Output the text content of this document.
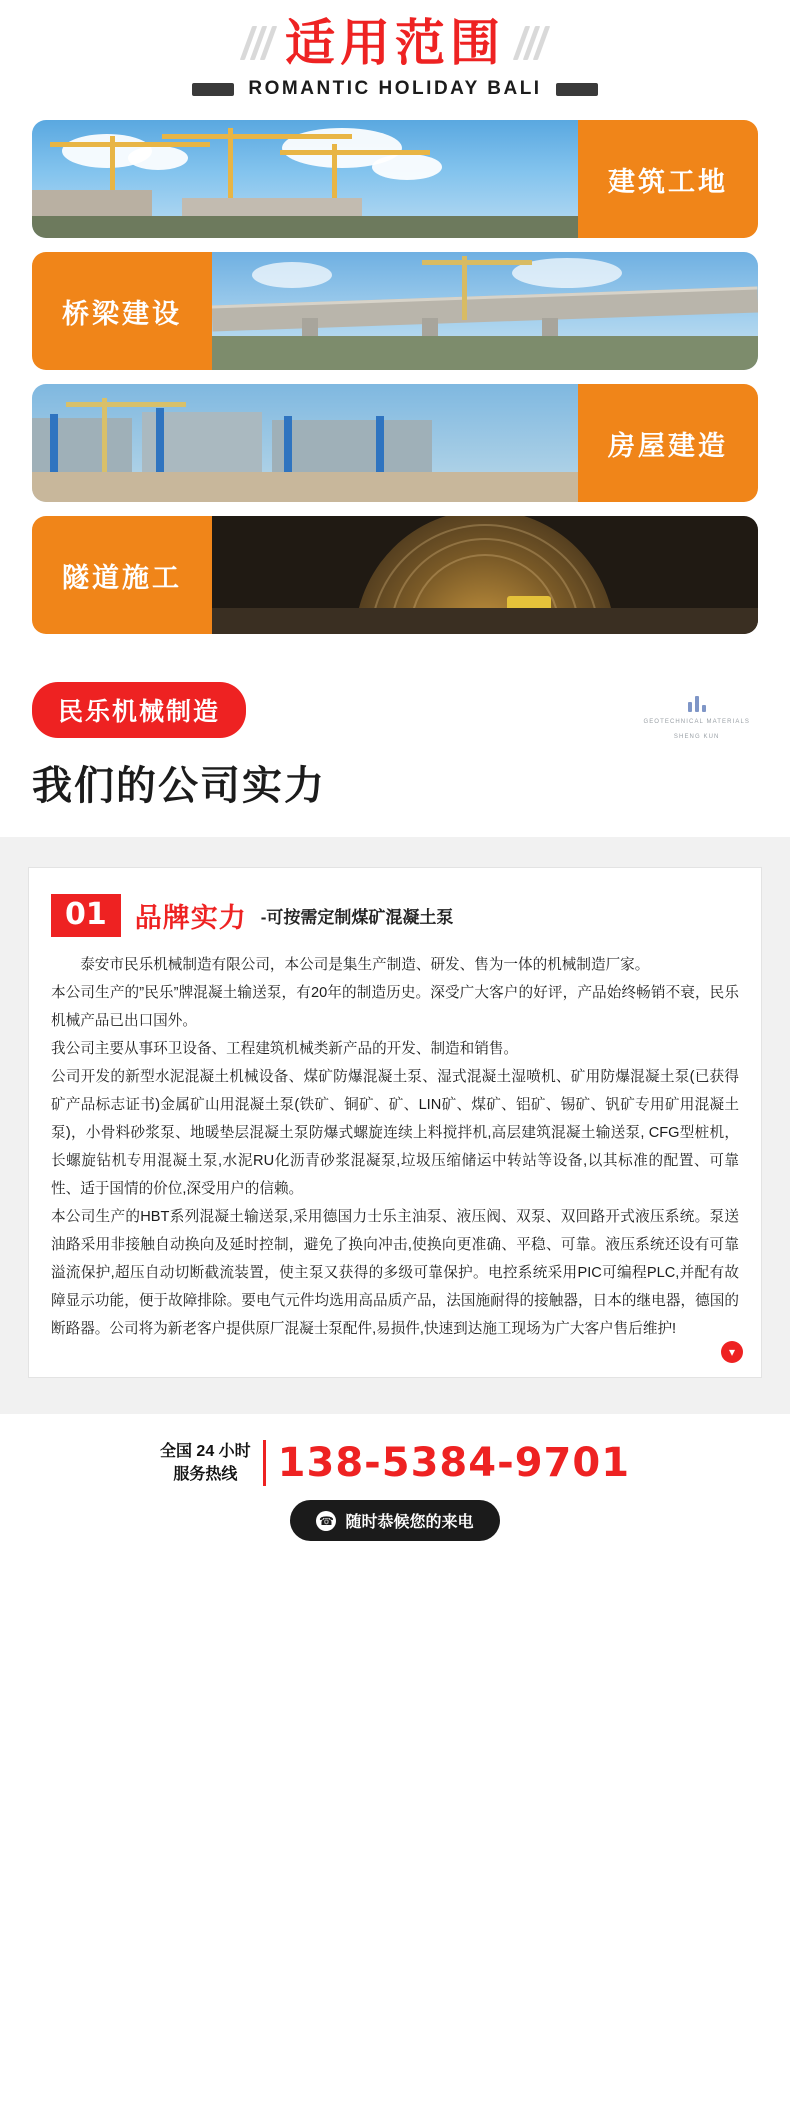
适用范围
ROMANTIC HOLIDAY BALI
建筑工地
桥梁建设
房屋建造
隧道施工
民乐机械制造
我们的公司实力
GEOTECHNICAL MATERIALS
SHENG KUN
01	品牌实力 -可按需定制煤矿混凝土泵

泰安市民乐机械制造有限公司，本公司是集生产制造、研发、售为一体的机械制造厂家。

本公司生产的”民乐”牌混凝土输送泵，有20年的制造历史。深受广大客户的好评，产品始终畅销不衰，民乐机械产品已出口国外。

我公司主要从事环卫设备、工程建筑机械类新产品的开发、制造和销售。

公司开发的新型水泥混凝土机械设备、煤矿防爆混凝土泵、湿式混凝土湿喷机、矿用防爆混凝土泵(已获得矿产品标志证书)金属矿山用混凝土泵(铁矿、铜矿、矿、LIN矿、煤矿、铝矿、锡矿、钒矿专用矿用混凝土泵)，小骨料砂浆泵、地暖垫层混凝土泵防爆式螺旋连续上料搅拌机,高层建筑混凝土输送泵, CFG型桩机，长螺旋钻机专用混凝土泵,水泥RU化沥青砂浆混凝泵,垃圾压缩储运中转站等设备,以其标准的配置、可靠性、适于国情的价位,深受用户的信赖。

本公司生产的HBT系列混凝土输送泵,采用德国力士乐主油泵、液压阀、双泵、双回路开式液压系统。泵送油路采用非接触自动换向及延时控制，避免了换向冲击,使换向更准确、平稳、可靠。液压系统还设有可靠溢流保护,超压自动切断截流装置，使主泵又获得的多级可靠保护。电控系统采用PIC可编程PLC,并配有故障显示功能，便于故障排除。要电气元件均选用高品质产品，法国施耐得的接触器，日本的继电器，德国的断路器。公司将为新老客户提供原厂混凝士泵配件,易损件,快速到达施工现场为广大客户售后维护!

▾
全国 24 小时
服务热线	138-5384-9701
☎ 随时恭候您的来电
